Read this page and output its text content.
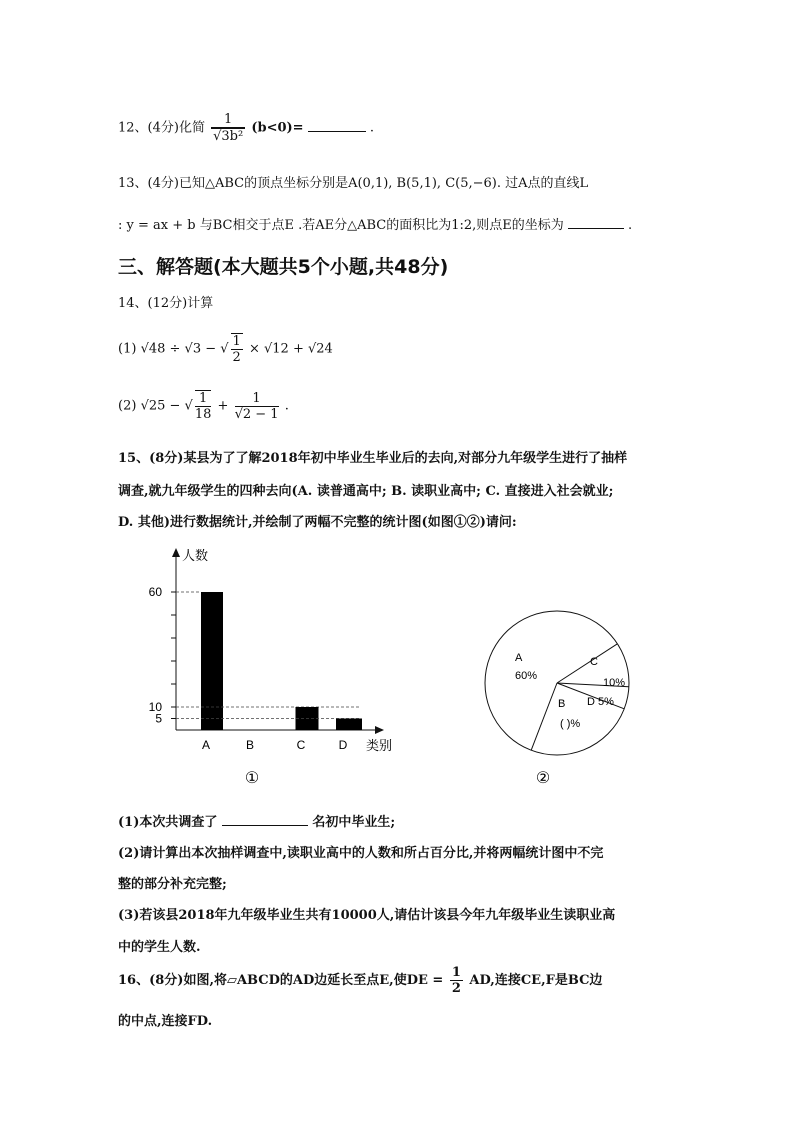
12、(4分)化简 $\frac{1}{\text{√3b²}} (b<0)=$	.
13、(4分)已知△ABC的顶点坐标分别是A(0,1), B(5,1), C(5,−6). 过A点的直线L
: y = ax + b 与BC相交于点E .若AE分△ABC的面积比为1:2,则点E的坐标为	.
三、解答题(本大题共5个小题,共48分)
14、(12分)计算
(1) √48 ÷ √3 − √ $\frac{1}{2} \times √12 + √24$
(2) √25 − √ $\frac{1}{18} + \frac{1}{√2 - 1}$ .
15、(8分)某县为了了解2018年初中毕业生毕业后的去向,对部分九年级学生进行了抽样
调查,就九年级学生的四种去向(A. 读普通高中; B. 读职业高中; C. 直接进入社会就业;
D. 其他)进行数据统计,并绘制了两幅不完整的统计图(如图①②)请问:
人数
类别
5
10
60
A	B	C	D
①
A
60%
B
( )%
C
10%
D 5%
②
(1)本次共调查了	名初中毕业生;
(2)请计算出本次抽样调查中,读职业高中的人数和所占百分比,并将两幅统计图中不完
整的部分补充完整;
(3)若该县2018年九年级毕业生共有10000人,请估计该县今年九年级毕业生读职业高
中的学生人数.
16、(8分)如图,将▱ABCD的AD边延长至点E,使DE = $\frac{1}{2}$ AD,连接CE,F是BC边
的中点,连接FD.
